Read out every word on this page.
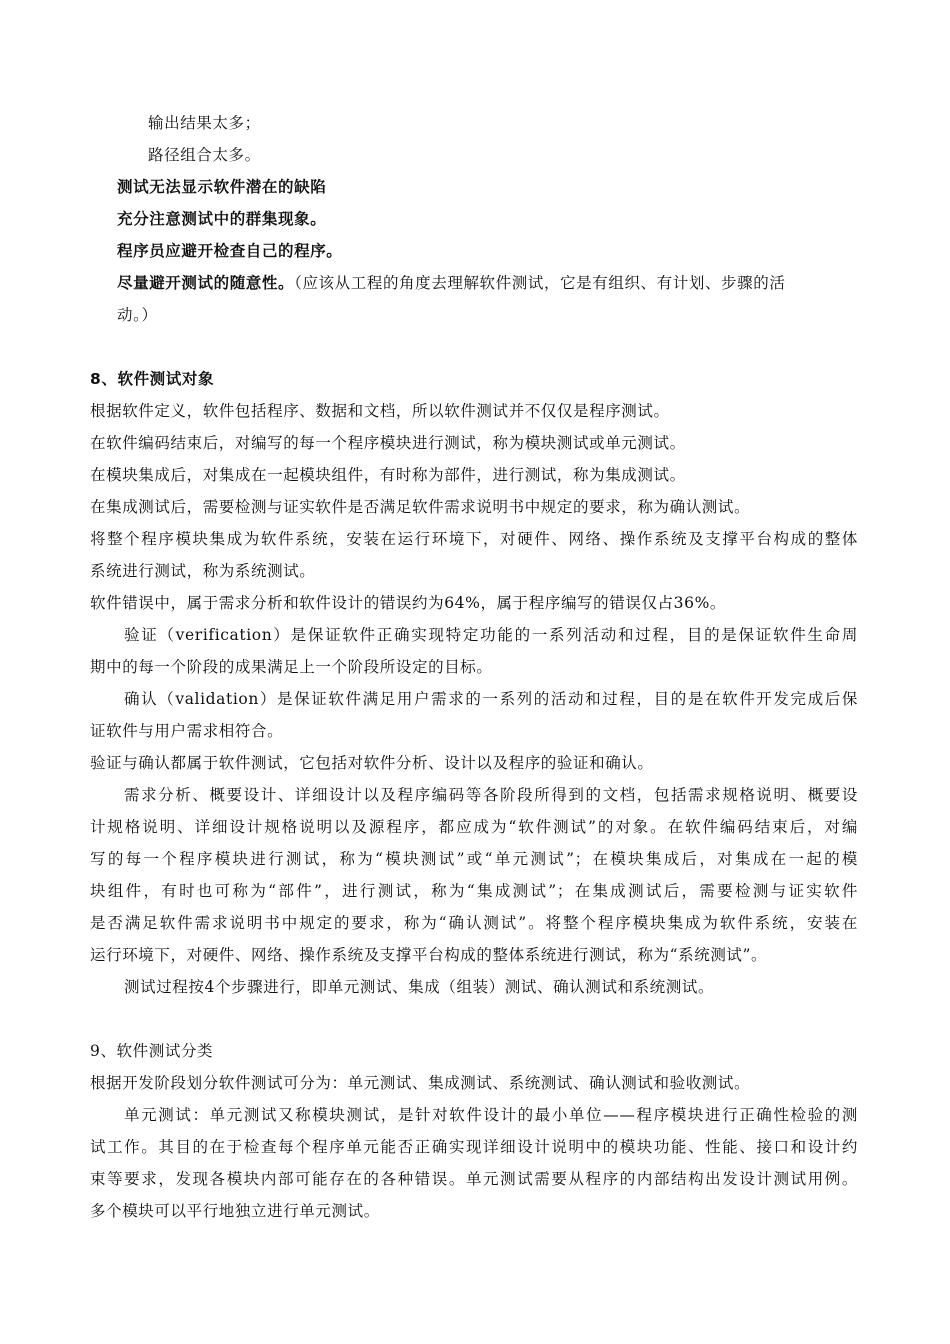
输出结果太多；
路径组合太多。
测试无法显示软件潜在的缺陷
充分注意测试中的群集现象。
程序员应避开检查自己的程序。
尽量避开测试的随意性。（应该从工程的角度去理解软件测试，它是有组织、有计划、步骤的活
动。）
8、软件测试对象
根据软件定义，软件包括程序、数据和文档，所以软件测试并不仅仅是程序测试。
在软件编码结束后，对编写的每一个程序模块进行测试，称为模块测试或单元测试。
在模块集成后，对集成在一起模块组件，有时称为部件，进行测试，称为集成测试。
在集成测试后，需要检测与证实软件是否满足软件需求说明书中规定的要求，称为确认测试。
将整个程序模块集成为软件系统，安装在运行环境下，对硬件、网络、操作系统及支撑平台构成的整体
系统进行测试，称为系统测试。
软件错误中，属于需求分析和软件设计的错误约为64%，属于程序编写的错误仅占36%。
验证（verification）是保证软件正确实现特定功能的一系列活动和过程，目的是保证软件生命周
期中的每一个阶段的成果满足上一个阶段所设定的目标。
确认（validation）是保证软件满足用户需求的一系列的活动和过程，目的是在软件开发完成后保
证软件与用户需求相符合。
验证与确认都属于软件测试，它包括对软件分析、设计以及程序的验证和确认。
需求分析、概要设计、详细设计以及程序编码等各阶段所得到的文档，包括需求规格说明、概要设
计规格说明、详细设计规格说明以及源程序，都应成为“软件测试”的对象。在软件编码结束后，对编
写的每一个程序模块进行测试，称为“模块测试”或“单元测试”；在模块集成后，对集成在一起的模
块组件，有时也可称为“部件”，进行测试，称为“集成测试”；在集成测试后，需要检测与证实软件
是否满足软件需求说明书中规定的要求，称为“确认测试”。将整个程序模块集成为软件系统，安装在
运行环境下，对硬件、网络、操作系统及支撑平台构成的整体系统进行测试，称为“系统测试”。
测试过程按4个步骤进行，即单元测试、集成（组装）测试、确认测试和系统测试。
9、软件测试分类
根据开发阶段划分软件测试可分为：单元测试、集成测试、系统测试、确认测试和验收测试。
单元测试：单元测试又称模块测试，是针对软件设计的最小单位——程序模块进行正确性检验的测
试工作。其目的在于检查每个程序单元能否正确实现详细设计说明中的模块功能、性能、接口和设计约
束等要求，发现各模块内部可能存在的各种错误。单元测试需要从程序的内部结构出发设计测试用例。
多个模块可以平行地独立进行单元测试。
